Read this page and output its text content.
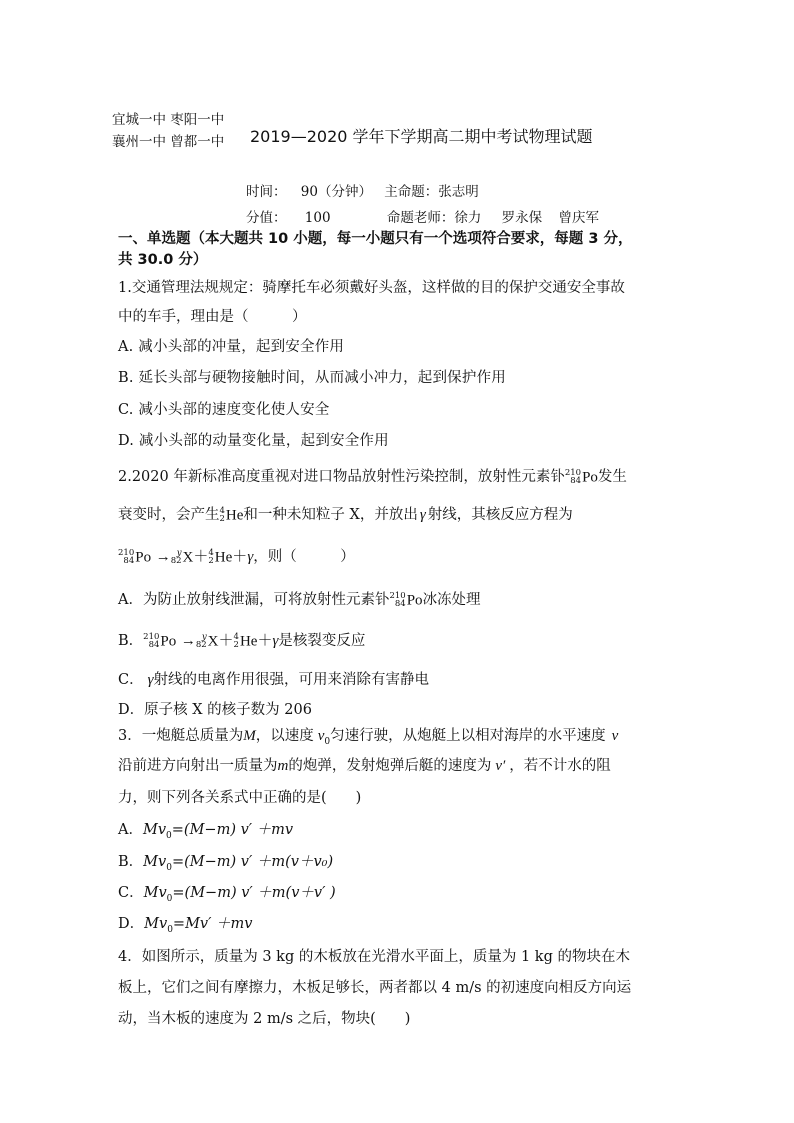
宜城一中 枣阳一中
襄州一中 曾都一中 2019—2020 学年下学期高二期中考试物理试题
时间： 90（分钟） 主命题：张志明
分值： 100	命题老师：徐力 罗永保 曾庆军
一、单选题（本大题共 10 小题，每一小题只有一个选项符合要求，每题 3 分，
共 30.0 分）
1.交通管理法规规定：骑摩托车必须戴好头盔，这样做的目的保护交通安全事故
中的车手，理由是（　　　）
A. 减小头部的冲量，起到安全作用
B. 延长头部与硬物接触时间，从而减小冲力，起到保护作用
C. 减小头部的速度变化使人安全
D. 减小头部的动量变化量，起到安全作用
2.2020 年新标准高度重视对进口物品放射性污染控制，放射性元素钋 210
84 Po发生
衰变时，会产生 4
2 He和一种未知粒子 X，并放出 γ 射线，其核反应方程为
210
84 Po → y
82 X＋ 4
2 He＋γ，则（　　　）
A．为防止放射线泄漏，可将放射性元素钋 210
84 Po冰冻处理
B． 210
84 Po → y
82 X＋ 4
2 He＋γ是核裂变反应
C． γ射线的电离作用很强，可用来消除有害静电
D．原子核 X 的核子数为 206
3．一炮艇总质量为M，以速度 $v_0$匀速行驶，从炮艇上以相对海岸的水平速度 v
沿前进方向射出一质量为m的炮弹，发射炮弹后艇的速度为 v′ ，若不计水的阻
力，则下列各关系式中正确的是(　　)
A．$Mv_0=(M-m)$ v′ ＋mv
B．$Mv_0=(M-m)$ v′ ＋m(v＋v₀)
C．$Mv_0=(M-m)$ v′ ＋m(v＋v′ )
D．$Mv_0=Mv' +mv$
4．如图所示，质量为 3 kg 的木板放在光滑水平面上，质量为 1 kg 的物块在木
板上，它们之间有摩擦力，木板足够长，两者都以 4 m/s 的初速度向相反方向运
动，当木板的速度为 2 m/s 之后，物块(　　)
